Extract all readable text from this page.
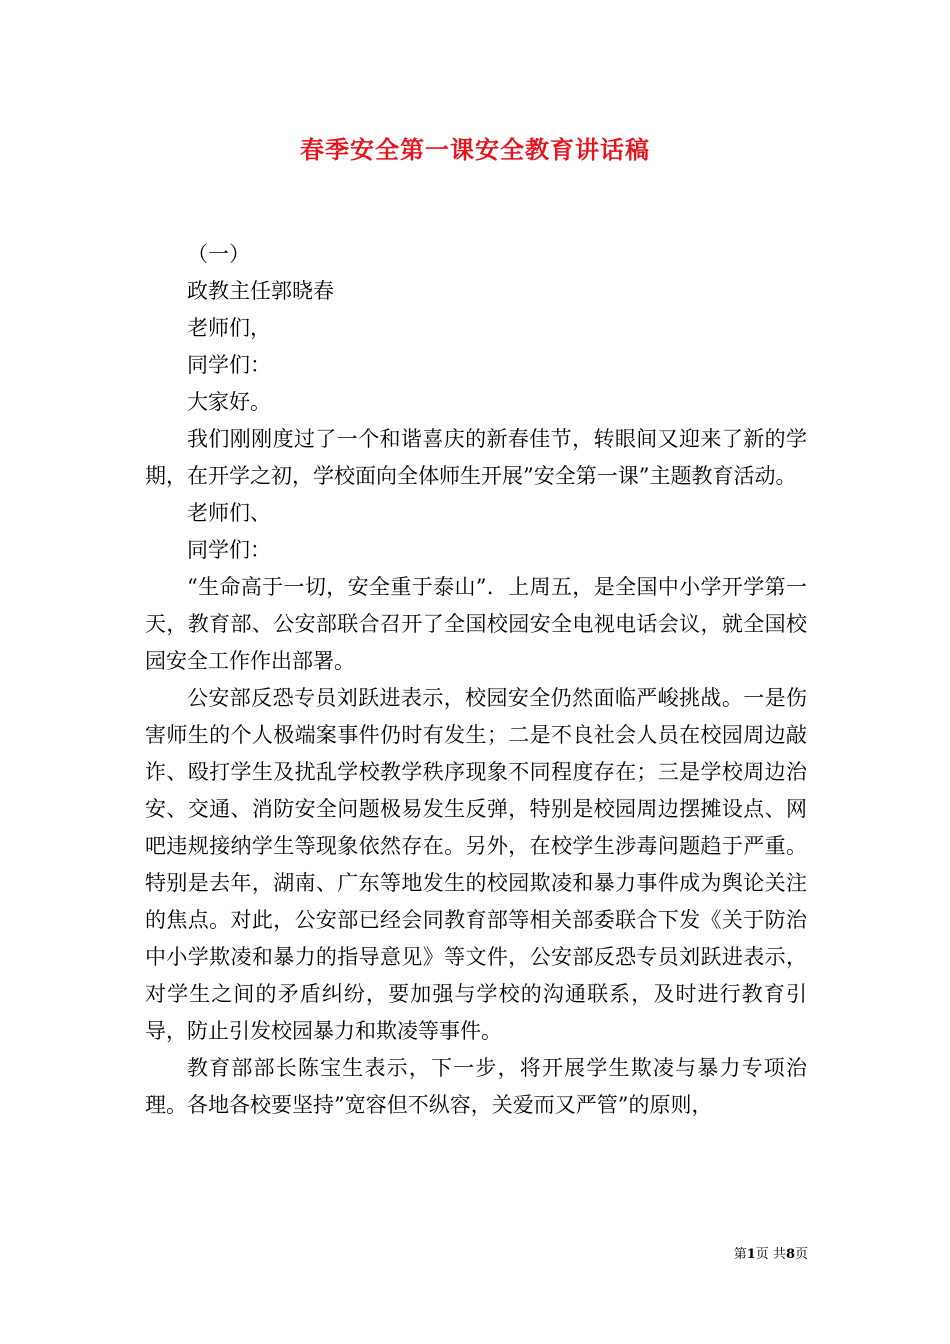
春季安全第一课安全教育讲话稿

（一）

政教主任郭晓春

老师们，

同学们：

大家好。

我们刚刚度过了一个和谐喜庆的新春佳节，转眼间又迎来了新的学期，在开学之初，学校面向全体师生开展”安全第一课”主题教育活动。

老师们、

同学们：

“生命高于一切，安全重于泰山”．上周五，是全国中小学开学第一天，教育部、公安部联合召开了全国校园安全电视电话会议，就全国校园安全工作作出部署。

公安部反恐专员刘跃进表示，校园安全仍然面临严峻挑战。一是伤害师生的个人极端案事件仍时有发生；二是不良社会人员在校园周边敲诈、殴打学生及扰乱学校教学秩序现象不同程度存在；三是学校周边治安、交通、消防安全问题极易发生反弹，特别是校园周边摆摊设点、网吧违规接纳学生等现象依然存在。另外，在校学生涉毒问题趋于严重。特别是去年，湖南、广东等地发生的校园欺凌和暴力事件成为舆论关注的焦点。对此，公安部已经会同教育部等相关部委联合下发《关于防治中小学欺凌和暴力的指导意见》等文件，公安部反恐专员刘跃进表示，对学生之间的矛盾纠纷，要加强与学校的沟通联系，及时进行教育引导，防止引发校园暴力和欺凌等事件。

教育部部长陈宝生表示，下一步，将开展学生欺凌与暴力专项治理。各地各校要坚持”宽容但不纵容，关爱而又严管”的原则，

第1页 共8页
